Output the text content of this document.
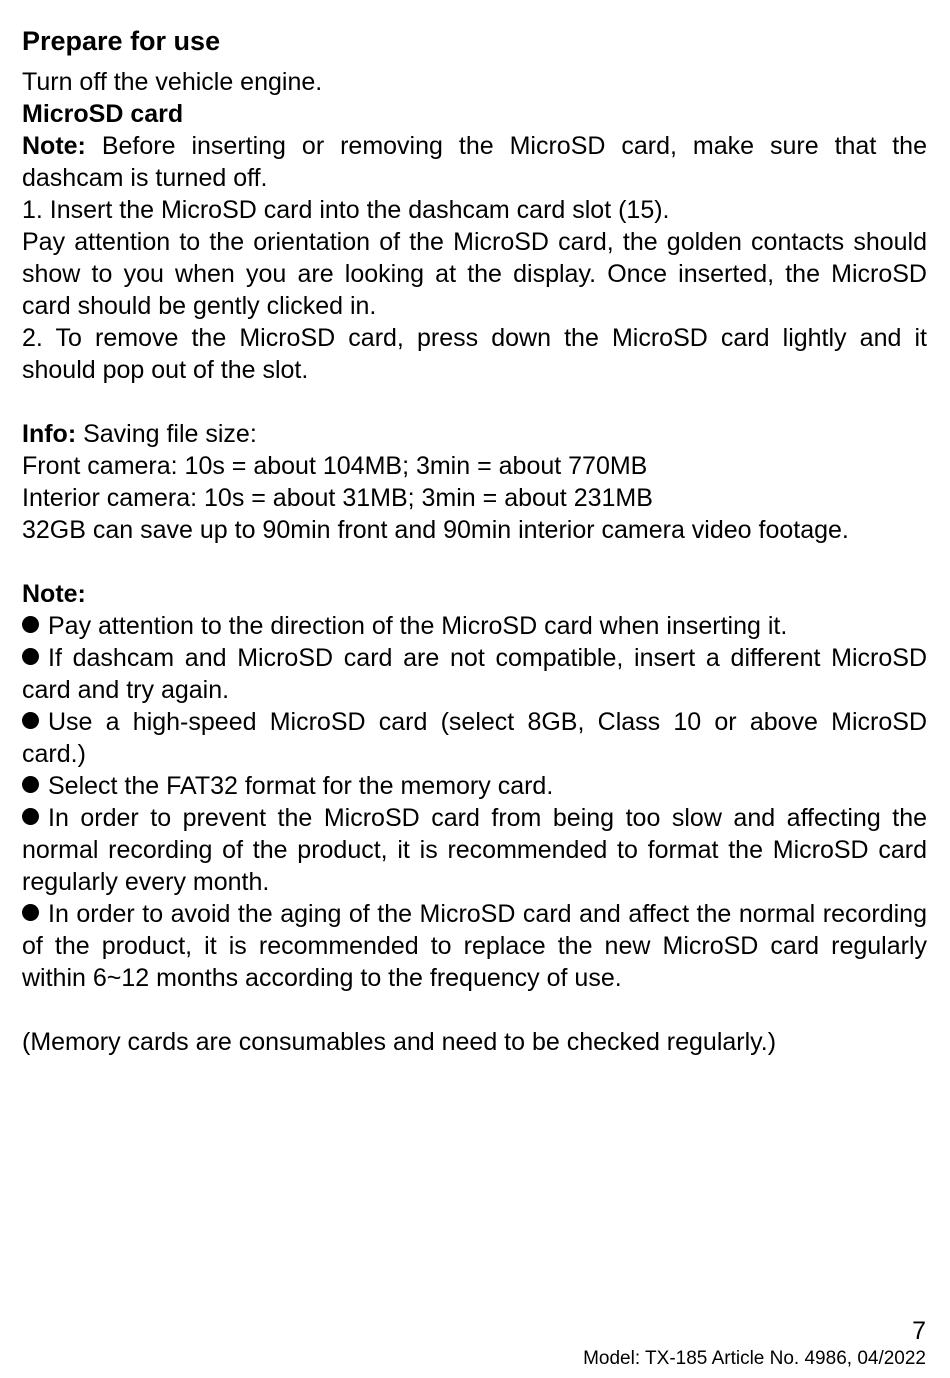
Prepare for use

Turn off the vehicle engine.

MicroSD card

Note: Before inserting or removing the MicroSD card, make sure that the dashcam is turned off.

1. Insert the MicroSD card into the dashcam card slot (15).

Pay attention to the orientation of the MicroSD card, the golden contacts should show to you when you are looking at the display. Once inserted, the MicroSD card should be gently clicked in.

2. To remove the MicroSD card, press down the MicroSD card lightly and it should pop out of the slot.

Info: Saving file size:

Front camera: 10s = about 104MB; 3min = about 770MB

Interior camera: 10s = about 31MB; 3min = about 231MB

32GB can save up to 90min front and 90min interior camera video footage.

Note:

Pay attention to the direction of the MicroSD card when inserting it.

If dashcam and MicroSD card are not compatible, insert a different MicroSD card and try again.

Use a high-speed MicroSD card (select 8GB, Class 10 or above MicroSD card.)

Select the FAT32 format for the memory card.

In order to prevent the MicroSD card from being too slow and affecting the normal recording of the product, it is recommended to format the MicroSD card regularly every month.

In order to avoid the aging of the MicroSD card and affect the normal recording of the product, it is recommended to replace the new MicroSD card regularly within 6~12 months according to the frequency of use.

(Memory cards are consumables and need to be checked regularly.)

7
Model: TX-185 Article No. 4986, 04/2022
